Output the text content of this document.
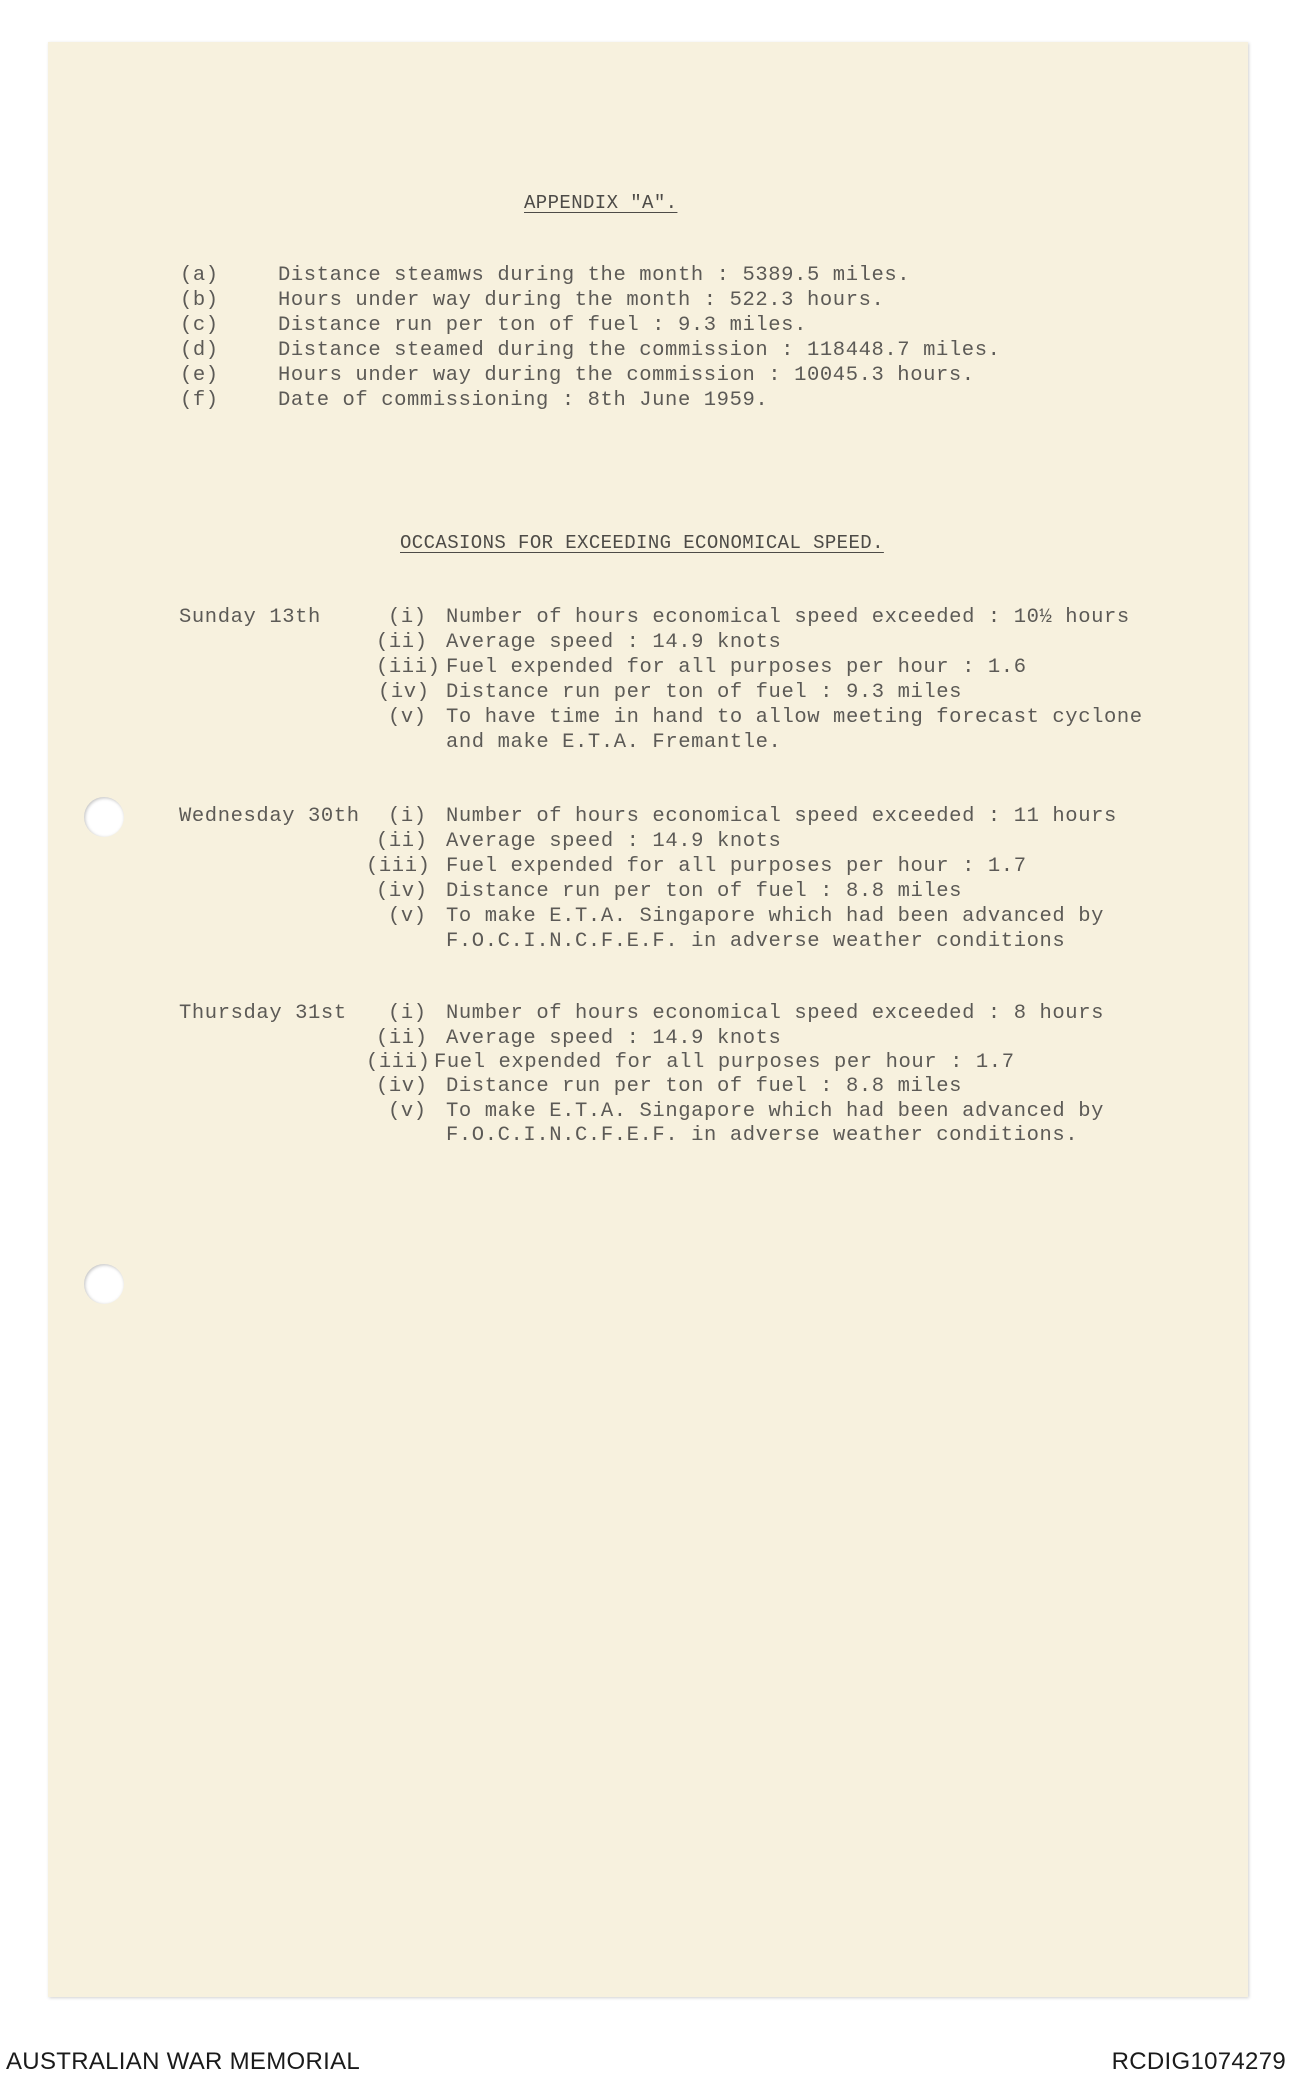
APPENDIX "A".
(a)	Distance steamws during the month : 5389.5 miles.
(b)	Hours under way during the month : 522.3 hours.
(c)	Distance run per ton of fuel : 9.3 miles.
(d)	Distance steamed during the commission : 118448.7 miles.
(e)	Hours under way during the commission : 10045.3 hours.
(f)	Date of commissioning : 8th June 1959.
OCCASIONS FOR EXCEEDING ECONOMICAL SPEED.
Sunday 13th	(i) Number of hours economical speed exceeded : 10½ hours
(ii) Average speed : 14.9 knots
(iii) Fuel expended for all purposes per hour : 1.6
(iv) Distance run per ton of fuel : 9.3 miles
(v) To have time in hand to allow meeting forecast cyclone
and make E.T.A. Fremantle.
Wednesday 30th (i) Number of hours economical speed exceeded : 11 hours
(ii) Average speed : 14.9 knots
(iii) Fuel expended for all purposes per hour : 1.7
(iv) Distance run per ton of fuel : 8.8 miles
(v) To make E.T.A. Singapore which had been advanced by
F.O.C.I.N.C.F.E.F. in adverse weather conditions
Thursday 31st (i) Number of hours economical speed exceeded : 8 hours
(ii) Average speed : 14.9 knots
(iii) Fuel expended for all purposes per hour : 1.7
(iv) Distance run per ton of fuel : 8.8 miles
(v) To make E.T.A. Singapore which had been advanced by
F.O.C.I.N.C.F.E.F. in adverse weather conditions.
AUSTRALIAN WAR MEMORIAL	RCDIG1074279
